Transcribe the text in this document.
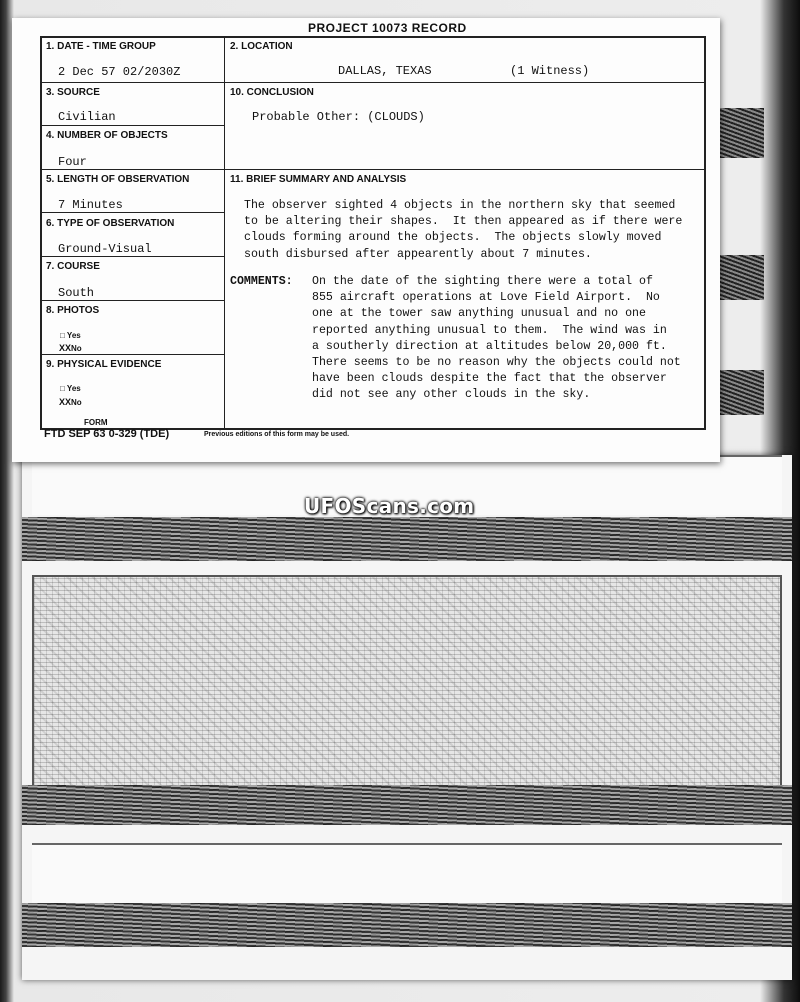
PROJECT 10073 RECORD
1. DATE - TIME GROUP
2 Dec 57 02/2030Z
2. LOCATION
DALLAS, TEXAS	(1 Witness)
3. SOURCE
Civilian
10. CONCLUSION
Probable Other: (CLOUDS)
4. NUMBER OF OBJECTS
Four
5. LENGTH OF OBSERVATION
7 Minutes
11. BRIEF SUMMARY AND ANALYSIS
The observer sighted 4 objects in the northern sky that seemed
to be altering their shapes.  It then appeared as if there were
clouds forming around the objects.  The objects slowly moved
south disbursed after appearently about 7 minutes.
COMMENTS: On the date of the sighting there were a total of
855 aircraft operations at Love Field Airport.  No
one at the tower saw anything unusual and no one
reported anything unusual to them.  The wind was in
a southerly direction at altitudes below 20,000 ft.
There seems to be no reason why the objects could not
have been clouds despite the fact that the observer
did not see any other clouds in the sky.
6. TYPE OF OBSERVATION
Ground-Visual
7. COURSE
South
8. PHOTOS
□ Yes
XXNo
9. PHYSICAL EVIDENCE
□ Yes
XXNo
FORM
FTD SEP 63 0-329 (TDE)	Previous editions of this form may be used.
UFOScans.com
